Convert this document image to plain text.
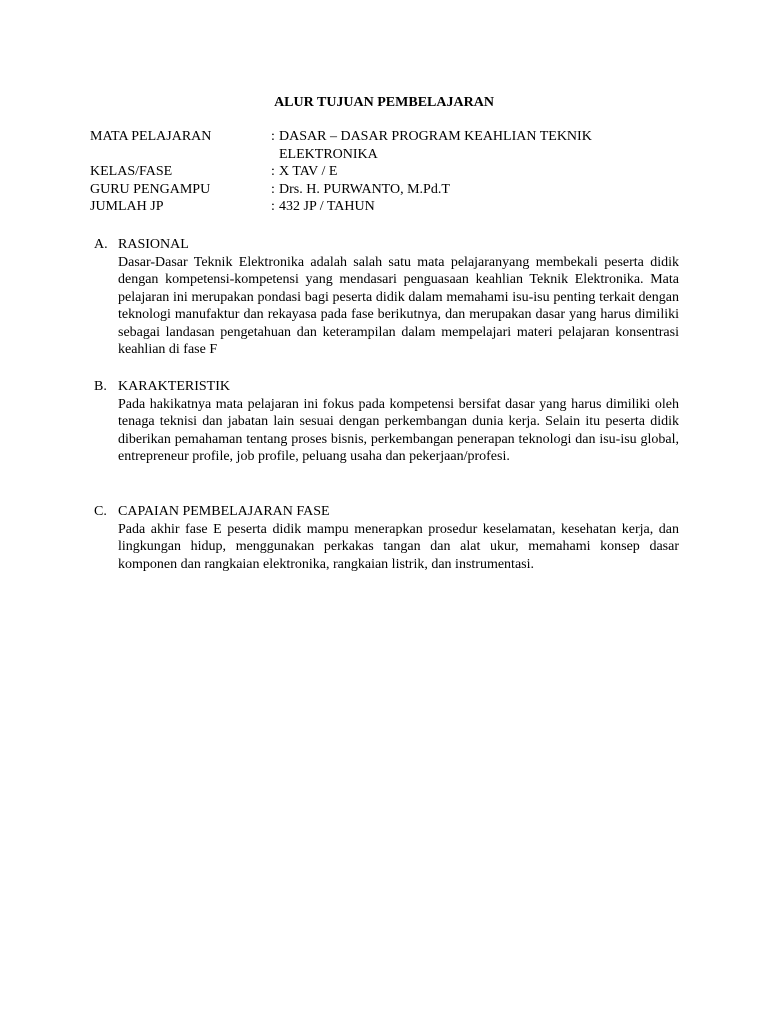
ALUR TUJUAN PEMBELAJARAN
MATA PELAJARAN	: DASAR – DASAR PROGRAM KEAHLIAN TEKNIK ELEKTRONIKA
KELAS/FASE	: X TAV / E
GURU PENGAMPU	: Drs. H. PURWANTO, M.Pd.T
JUMLAH JP	: 432 JP / TAHUN
A. RASIONAL
Dasar-Dasar Teknik Elektronika adalah salah satu mata pelajaranyang membekali peserta didik dengan kompetensi-kompetensi yang mendasari penguasaan keahlian Teknik Elektronika. Mata pelajaran ini merupakan pondasi bagi peserta didik dalam memahami isu-isu penting terkait dengan teknologi manufaktur dan rekayasa pada fase berikutnya, dan merupakan dasar yang harus dimiliki sebagai landasan pengetahuan dan keterampilan dalam mempelajari materi pelajaran konsentrasi keahlian di fase F
B. KARAKTERISTIK
Pada hakikatnya mata pelajaran ini fokus pada kompetensi bersifat dasar yang harus dimiliki oleh tenaga teknisi dan jabatan lain sesuai dengan perkembangan dunia kerja. Selain itu peserta didik diberikan pemahaman tentang proses bisnis, perkembangan penerapan teknologi dan isu-isu global, entrepreneur profile, job profile, peluang usaha dan pekerjaan/profesi.
C. CAPAIAN PEMBELAJARAN FASE
Pada akhir fase E peserta didik mampu menerapkan prosedur keselamatan, kesehatan kerja, dan lingkungan hidup, menggunakan perkakas tangan dan alat ukur, memahami konsep dasar komponen dan rangkaian elektronika, rangkaian listrik, dan instrumentasi.
